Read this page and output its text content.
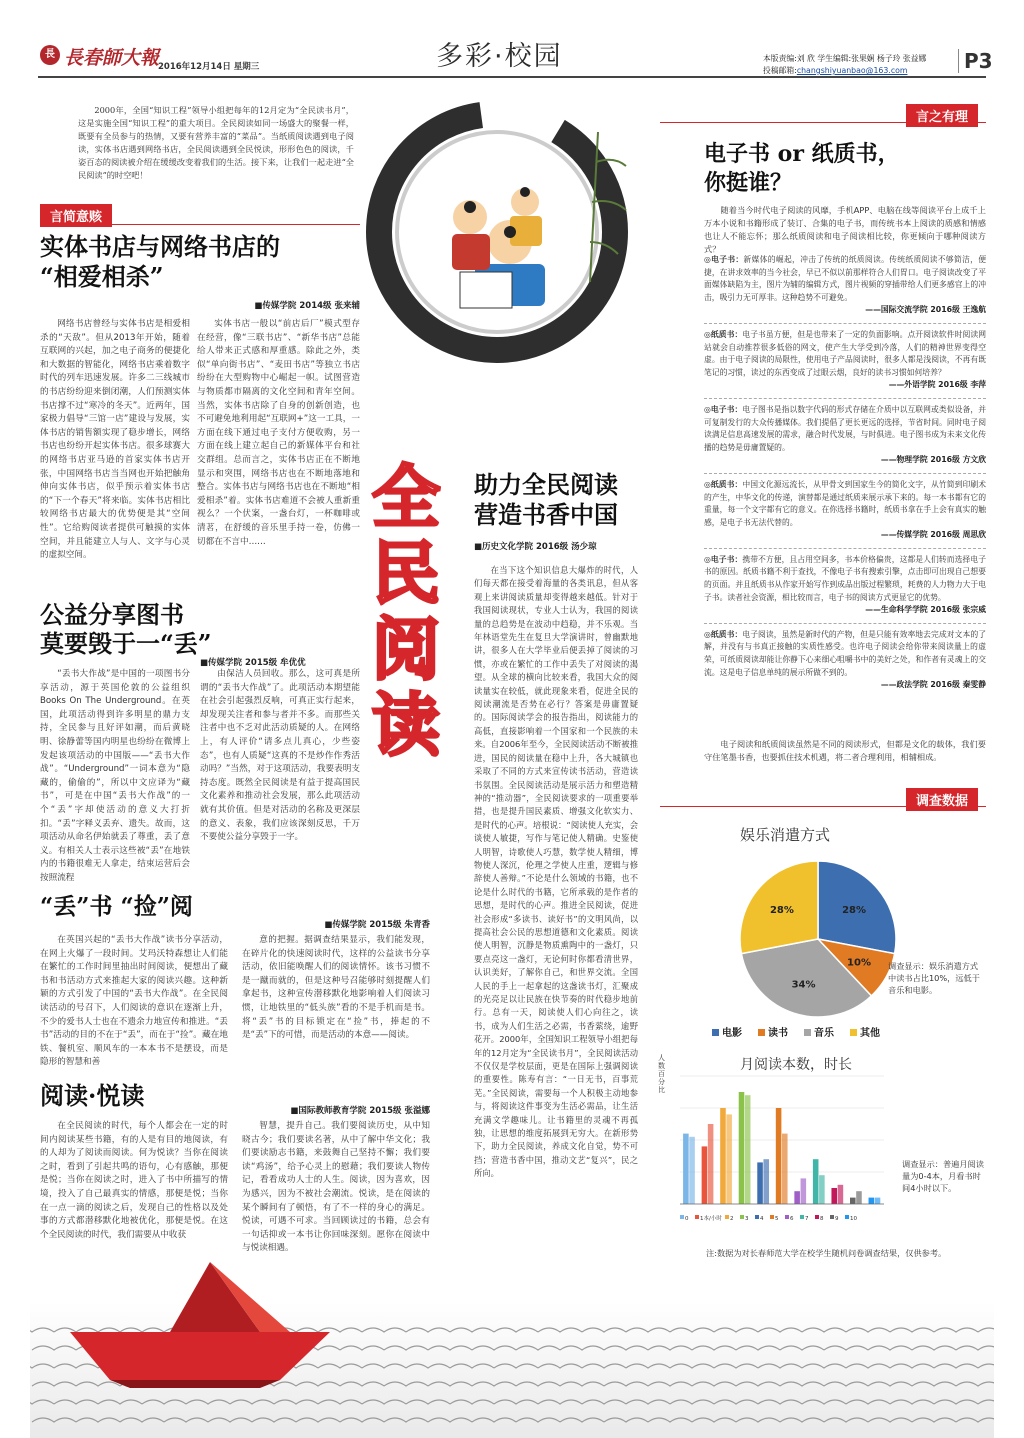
長 長春師大報
2016年12月14日 星期三	多彩·校园	本版责编:刘 欣 学生编辑:张果娴 杨子玲 张益娜
投稿邮箱:changshiyuanbao@163.com	P3
2000年，全国“知识工程”领导小组把每年的12月定为“全民读书月”，这是实施全国“知识工程”的重大项目。全民阅读如同一场盛大的聚餐一样，既要有全员参与的热情，又要有营养丰富的“菜品”。当纸质阅读遇到电子阅读，实体书店遇到网络书店，全民阅读遇到全民悦读，形形色色的阅读，千姿百态的阅读被介绍在缓缓改变着我们的生活。接下来，让我们一起走进“全民阅读”的时空吧！
言简意赅
实体书店与网络书店的
“相爱相杀”
■传媒学院 2014级 张来辅
网络书店曾经与实体书店是相爱相杀的“天敌”。但从2013年开始，随着互联网的兴起，加之电子商务的便捷化和大数据的智能化，网络书店乘着数字时代的列车迅速发展。许多二三线城市的书店纷纷迎来倒闭潮，人们预测实体书店撑不过“寒冷的冬天”。近两年，国家极力倡导“三馆一店”建设与发展，实体书店的销售额实现了稳步增长，网络书店也纷纷开起实体书店。很多球赛大的网络书店亚马逊的首家实体书店开张，中国网络书店当当网也开始把触角伸向实体书店，似乎预示着实体书店的“下一个春天”将来临。实体书店相比较网络书店最大的优势便是其“空间性”。它给购阅读者提供可触摸的实体空间，并且能建立人与人、文字与心灵的虚拟空间。
实体书店一般以“前店后厂”模式型存在经营，像“三联书店”、“新华书店”总能给人带来正式感和厚重感。除此之外，类似“单向街书店”、“麦田书店”等独立书店纷纷在大型购物中心崛起一帜。试图营造与物质都市隔离的文化空间和青年空间。当然，实体书店除了自身的创新创造，也不可避免地利用起“互联网+”这一工具，一方面在线下通过电子支付方便收购，另一方面在线上建立起自己的新媒体平台和社交群组。总而言之，实体书店正在不断地显示和突围，网络书店也在不断地落地和整合。实体书店与网络书店也在不断地“相爱相杀”着。实体书店难道不会被人重新重视么？一个伏案，一盏台灯，一杯咖啡或清茗，在舒缓的音乐里手持一卷，仿佛一切都在不言中……
全
民
阅
读
公益分享图书
莫要毁于一“丢”
■传媒学院 2015级 牟优优
“丢书大作战”是中国的一项图书分享活动，源于英国伦敦的公益组织Books On The Underground。在英国，此项活动得到许多明星的鼎力支持，全民参与且好评如潮，而后黄晓明、徐静蕾等国内明星也纷纷在微博上发起该项活动的中国版——“丢书大作战”。“Underground”一词本意为“隐藏的，偷偷的”，所以中文应译为“藏书”，可是在中国“丢书大作战”的一个“丢”字却使活动的意义大打折扣。“丢”字释义丢弃、遗失。故而，这项活动从命名伊始就丢了尊重，丢了意义。有相关人士表示这些被“丢”在地铁内的书籍很难无人拿走，结束运营后会按照流程
由保洁人员回收。那么，这可真是所谓的“丢书大作战”了。此项活动本期望能在社会引起强烈反响，可真正实行起来，却发现关注者和参与者并不多。而那些关注者中也不乏对此活动质疑的人。在网络上，有人评价“请多点儿真心，少些姿态”，也有人质疑“这真的不是炒作作秀活动吗？”当然，对于这项活动，我要表明支持态度。既然全民阅读是有益于提高国民文化素养和推动社会发展，那么此项活动就有其价值。但是对活动的名称及更深层的意义、表象，我们应该深刻反思，千万不要使公益分享毁于一字。
“丢”书 “捡”阅
■传媒学院 2015级 朱青香
在英国兴起的“丢书大作战”读书分享活动，在网上火爆了一段时间。艾玛沃特森想让人们能在繁忙的工作时间里抽出时间阅读，便想出了藏书和书活动方式来推起大家的阅读兴趣。这种新颖的方式引发了中国的“丢书大作战”。在全民阅读活动的号召下，人们阅读的意识在逐渐上升，不少的爱书人士也在不遗余力地宣传和推进。“丢书”活动的目的不在于“丢”，而在于“捡”。藏在地铁、餐机室、顺风车的一本本书不是摆设，而是隐形的智慧和善
意的把握。据调查结果显示，我们能发现，在碎片化的快速阅读时代，这样的公益读书分享活动，依旧能唤醒人们的阅读情怀。该书习惯不是一蹴而就的，但是这种号召能够时刻提醒人们拿起书，这种宣传潜移默化地影响着人们阅读习惯，让地铁里的“低头族”看的不是手机而是书。将“丢”书的目标锁定在“捡”书，捧起的不是“丢”下的可惜，而是活动的本意——阅读。
阅读·悦读
■国际教师教育学院 2015级 张溢娜
在全民阅读的时代，每个人都会在一定的时间内阅读某些书籍，有的人是有目的地阅读，有的人却为了阅读而阅读。何为悦读？当你在阅读之时，看到了引起共鸣的语句，心有感触，那便是悦；当你在阅读之时，进入了书中所描写的情境，投入了自己最真实的情感，那便是悦；当你在一点一滴的阅读之后，发现自己的性格以及处事的方式都潜移默化地被优化，那便是悦。在这个全民阅读的时代，我们需要从中收获
智慧，提升自己。我们要阅读历史，从中知晓古今；我们要读名著，从中了解中华文化；我们要读励志书籍，来鼓舞自己坚持不懈；我们要读“鸡汤”，给予心灵上的慰藉；我们要读人物传记，看看成功人士的人生。阅读，因为喜欢，因为感兴，因为不被社会潮流。悦读，是在阅读的某个瞬间有了顿悟，有了不一样的身心的满足。悦读，可遇不可求。当回顾读过的书籍，总会有一句话抑或一本书让你回味深刻。愿你在阅读中与悦读相遇。
助力全民阅读
营造书香中国
■历史文化学院 2016级 汤少琼
在当下这个知识信息大爆炸的时代，人们每天都在接受着海量的各类讯息，但从客观上来讲阅读质量却变得越来越低。针对于我国阅读现状，专业人士认为，我国的阅读量的总趋势是在波动中趋稳，并不乐观。当年林语堂先生在复旦大学演讲时，曾幽默地讲，很多人在大学毕业后便丢掉了阅读的习惯，亦或在繁忙的工作中丢失了对阅读的渴望。从全球的横向比较来看，我国大众的阅读量实在较低，就此现象来看，促进全民的阅读潮流是否势在必行？答案是毋庸置疑的。国际阅读学会的报告指出，阅读能力的高低，直接影响着一个国家和一个民族的未来。自2006年至今，全民阅读活动不断被推进，国民的阅读量在稳中上升，各大城镇也采取了不同的方式来宣传读书活动，营造读书氛围。全民阅读活动是展示活力和塑造精神的“推动器”，全民阅读要求的一项重要举措，也是提升国民素质、增强文化软实力、是时代的心声。培根说：“阅读使人充实，会谈使人敏捷，写作与笔记使人精确。史鉴使人明智，诗歌使人巧慧，数学使人精细，博物使人深沉，伦理之学使人庄重，逻辑与修辞使人善辩。”不论是什么领域的书籍，也不论是什么时代的书籍，它所承载的是作者的思想，是时代的心声。推进全民阅读，促进社会形成“多读书、读好书”的文明风尚，以提高社会公民的思想道德和文化素质。阅读使人明智，沉静是物质熏陶中的一盏灯，只要点亮这一盏灯，无论何时你都看清世界，认识美好，了解你自己，和世界交流。全国人民的手上一起拿起的这盏读书灯，汇聚成的光亮足以让民族在快节奏的时代稳步地前行。总有一天，阅读使人们心向往之，读书，成为人们生活之必需，书香萦绕，逾野花开。2000年，全国知识工程领导小组把每年的12月定为“全民读书月”，全民阅读活动不仅仅是学校层面，更是在国际上强调阅读的重要性。陈寿有言：“一日无书，百事荒芜。”全民阅读，需要每一个人积极主动地参与，将阅读这件事变为生活必需品，让生活充满文学趣味儿。让书籍里的灵魂不再孤独，让思想的维度拓展到无穷大。在新形势下，助力全民阅读，养成文化自觉，势不可挡；营造书香中国，推动文艺“复兴”，民之所向。
言之有理
电子书 or 纸质书，
你挺谁？
随着当今时代电子阅读的风靡，手机APP、电脑在线等阅读平台上成千上万本小说和书籍形成了装订、合集的电子书，而传统书本上阅读的质感和情感也让人不能忘怀；那么纸质阅读和电子阅读相比较，你更倾向于哪种阅读方式？
◎电子书：新媒体的崛起，冲击了传统的纸质阅读。传统纸质阅读不够简洁，便捷，在讲求效率的当今社会，早已不似以前那样符合人们胃口。电子阅读改变了平面媒体缺陷为主，图片为辅的编辑方式，图片视频的穿插带给人们更多感官上的冲击，吸引力无可厚非。这种趋势不可避免。
——国际交流学院 2016级 王逸航
◎纸质书：电子书虽方便，但是也带来了一定的负面影响。点开阅读软件时阅读网站就会自动推荐很多低俗的网文，使产生大学受到冷落，人们的精神世界变得空虚。由于电子阅读的局限性，使用电子产品阅读时，很多人都是浅阅读，不再有既笔记的习惯，读过的东西变成了过眼云烟，良好的读书习惯如何培养？
——外语学院 2016级 李萍
◎电子书：电子图书是指以数字代码的形式存储在介质中以互联网或类似设备，并可复制发行的大众传播媒体。我们提倡了更长更远的选择，节省时间。同时电子阅读满足信息高速发展的需求，融合时代发展，与时俱进。电子图书成为未来文化传播的趋势是毋庸置疑的。
——物理学院 2016级 方文欣
◎纸质书：中国文化源远流长，从甲骨文到国家生今的简化文字，从竹简到印刷术的产生，中华文化的传递，演替都是通过纸质来展示承下来的。每一本书都有它的重量，每一个文字都有它的意义。在你选择书籍时，纸质书拿在手上会有真实的触感，是电子书无法代替的。
——传媒学院 2016级 周思欣
◎电子书：携带不方便，且占用空间多，书本价格偏贵，这都是人们转而选择电子书的原因。纸质书籍不利于查找，不像电子书有搜索引擎，点击即可出现自己想要的页面。并且纸质书从作家开始写作到成品出版过程繁琐，耗费的人力物力大于电子书。读者社会资源，相比较而言，电子书的阅读方式更显它的优势。
——生命科学学院 2016级 张宗威
◎纸质书：电子阅读，虽然是新时代的产物，但是只能有效率地去完成对文本的了解，并没有与书真正接触的实质性感受。也许电子阅读会给你带来阅读量上的虚荣，可纸质阅读却能让你静下心来细心咀嚼书中的美好之处，和作者有灵魂上的交流。这是电子信息单纯的展示所做不到的。
——政法学院 2016级 秦雯静
电子阅读和纸质阅读虽然是不同的阅读形式，但都是文化的载体，我们要守住笔墨书香，也要抓住技术机遇，将二者合理利用，相辅相成。
调查数据
娱乐消遣方式
28%
10%
34%
28%
电影	读书	音乐	其他
调查显示：娱乐消遣方式中读书占比10%，远低于音乐和电影。
月阅读本数，时长
人数百分比
0 1本/小时 2 3 4 5 6 7 8 9 10
调查显示：普遍月阅读量为0-4本，月看书时间4小时以下。
注:数据为对长春师范大学在校学生随机问卷调查结果，仅供参考。
